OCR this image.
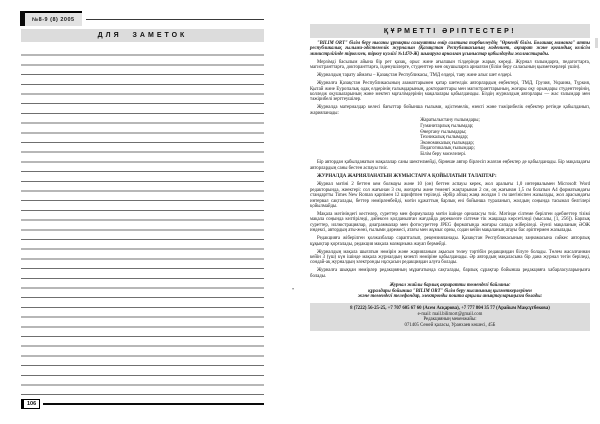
№8-9 (8) 2005
ДЛЯ ЗАМЕТОК
106
ҚҰРМЕТТІ ӘРІПТЕСТЕР!

"BILIM ORT" білім беру нысаны ұрпақты салауатты өмір салтына тәрбиелеудің "Өркенді білім. Болашақ маманға" атты республикалық ғылыми-әдістемелік журналын (Қазақстан Республикасының мәдениет, ақпарат және қоғамдық келісім министрлігінде тіркелген, тіркеу куәлігі №1470-Ж) шығаруға арналған ұсыныстар қабылдауды жалғастырады.

Мерзімді басылым айына бір рет қазақ, орыс және ағылшын тілдерінде жарық көреді. Журнал ғалымдарға, педагогтарға, магистранттарға, докторанттарға, ізденушілерге, студенттер мен оқушыларға арналған (білім беру саласының қызметкерлері үшін).

Журналдың тарату аймағы – Қазақстан Республикасы, ТМД елдері, таяу және алыс шет елдері.

Журналға Қазақстан Республикасының азаматтарымен қатар шетелдік авторлардың еңбектері, ТМД, Грузия, Украина, Түркия, Қытай және Еуропалық одақ елдерінің ғалымдарының, докторанттары мен магистранттарының, жоғары оқу орындары студенттерінің, колледж оқушыларының және мектеп мұғалімдерінің мақалалары қабылданады. Біздің журналдың авторлары — жас ғалымдар мен тәжірибелі зерттеушілер.

Журналда материалдар келесі бағыттар бойынша ғылыми, әдістемелік, өзекті және тәжірибелік еңбектер ретінде қабылданып, жарияланады:

Жаратылыстану ғылымдары;
Гуманитарлық ғылымдар;
Өнертану ғылымдары;
Техникалық ғылымдар;
Экономикалық ғылымдар;
Педагогикалық ғылымдар;
Білім беру мәселелері.

Бір автордан қабылданатын мақалалар саны шектелмейді, бірнеше автор бірлесіп жазған еңбектер де қабылданады. Бір мақаладағы авторлардың саны бестен аспауы тиіс.

ЖУРНАЛДА ЖАРИЯЛАНАТЫН ЖҰМЫСТАРҒА ҚОЙЫЛАТЫН ТАЛАПТАР:

Журнал мәтіні 2 беттен кем болмауы және 10 (он) беттен аспауы керек, жол аралығы 1,0 интервалымен Microsoft Word редакторында, жиектері: сол жағынан 3 см, жоғарғы және төменгі жақтарынан 2 см, оң жағынан 1,5 см болатын А4 форматындағы стандартты Times New Roman қарпімен 12 шрифтпен теріледі. Әрбір абзац жаңа жолдан 1 см шегініспен жазылады, жол арасындағы интервал сақталады, беттер нөмірленбейді, мәтін құжаттың барлық ені бойынша тураланып, жолдың соңында тасымал белгілері қойылмайды.

Мақала мәтініндегі кестелер, суреттер мен формулалар мәтін ішінде орналасуы тиіс. Мәтінде сілтеме берілген әдебиеттер тізімі мақала соңында келтіріледі, дәйексөз қолданылған жағдайда дереккөзге сілтеме тік жақшада көрсетіледі (мысалы, [1, 256]). Барлық суреттер, иллюстрациялар, диаграммалар мен фотосуреттер JPEG форматында жоғары сапада жіберіледі. Әуелі мақаланың ӘОЖ индексі, автордың аты-жөні, ғылыми дәрежесі, атағы мен жұмыс орны, содан кейін мақаланың атауы бас әріптермен жазылады.

Редакцияға жіберілген қолжазбалар сарапталып, рецензияланады. Қазақстан Республикасының заңнамасына сәйкес авторлық құқықтар қорғалады, редакция мақала мазмұнына жауап бермейді.

Журналдың мақала шығатын нөмірін және жарияланым ақысын төлеу тәртібін редакциядан білуге болады. Төлем жасалғаннан кейін 3 (үш) күн ішінде мақала журналдың кезекті нөміріне қабылданады. Әр автордың мақаласына бір дана журнал тегін беріледі, сондай-ақ журналдың электронды нұсқасын редакциядан алуға болады.

Журналға шыққан нөмірлер редакцияның мұрағатында сақталады, барлық сұрақтар бойынша редакцияға хабарласуларыңызға болады.

Журнал жайлы барлық ақпаратты төмендегі байланыс
құралдары бойынша "BILIM ORT" білім беру нысанының қызметкерлерінен
және төмендегі телефондар, электронды пошта арқылы анықтауларыңызға болады:
8 (7222) 56-25-25, +7 707 605 67 60 (Асем Асқарова), +7 777 804 35 77 (Арайым Мақсұтбекова)
e-mail: mail.bilimort@gmail.com
Редакцияның мекенжайы:
071405 Семей қаласы, Уранхаев көшесі, 45Б
•
